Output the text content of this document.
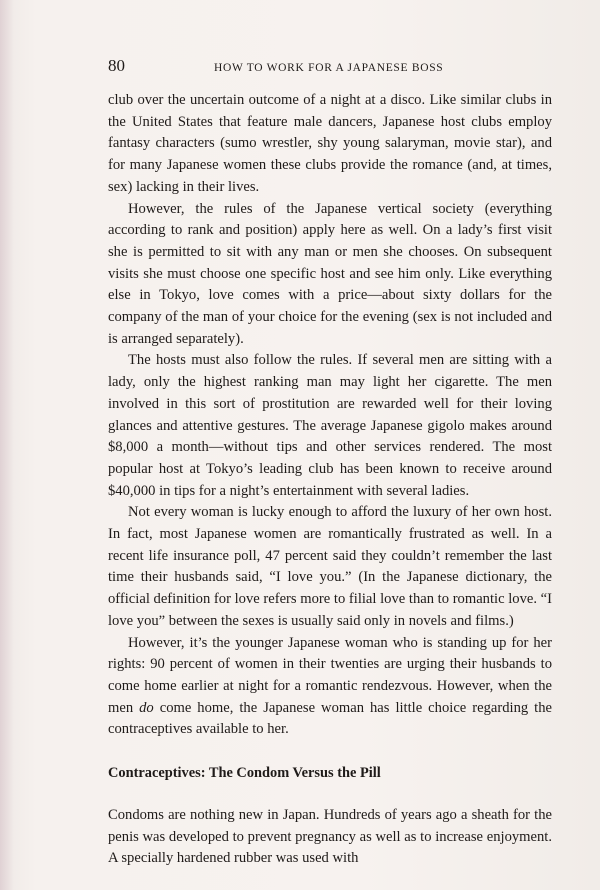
80	HOW TO WORK FOR A JAPANESE BOSS

club over the uncertain outcome of a night at a disco. Like similar clubs in the United States that feature male dancers, Japanese host clubs employ fantasy characters (sumo wrestler, shy young salaryman, movie star), and for many Japanese women these clubs provide the romance (and, at times, sex) lacking in their lives.

However, the rules of the Japanese vertical society (everything according to rank and position) apply here as well. On a lady’s first visit she is permitted to sit with any man or men she chooses. On subsequent visits she must choose one specific host and see him only. Like everything else in Tokyo, love comes with a price—about sixty dollars for the company of the man of your choice for the evening (sex is not included and is arranged separately).

The hosts must also follow the rules. If several men are sitting with a lady, only the highest ranking man may light her cigarette. The men involved in this sort of prostitution are rewarded well for their loving glances and attentive gestures. The average Japanese gigolo makes around $8,000 a month—without tips and other services rendered. The most popular host at Tokyo’s leading club has been known to receive around $40,000 in tips for a night’s entertainment with several ladies.

Not every woman is lucky enough to afford the luxury of her own host. In fact, most Japanese women are romantically frustrated as well. In a recent life insurance poll, 47 percent said they couldn’t remember the last time their husbands said, “I love you.” (In the Japanese dictionary, the official definition for love refers more to filial love than to romantic love. “I love you” between the sexes is usually said only in novels and films.)

However, it’s the younger Japanese woman who is standing up for her rights: 90 percent of women in their twenties are urging their husbands to come home earlier at night for a romantic rendezvous. However, when the men do come home, the Japanese woman has little choice regarding the contraceptives available to her.

Contraceptives: The Condom Versus the Pill

Condoms are nothing new in Japan. Hundreds of years ago a sheath for the penis was developed to prevent pregnancy as well as to increase enjoyment. A specially hardened rubber was used with
